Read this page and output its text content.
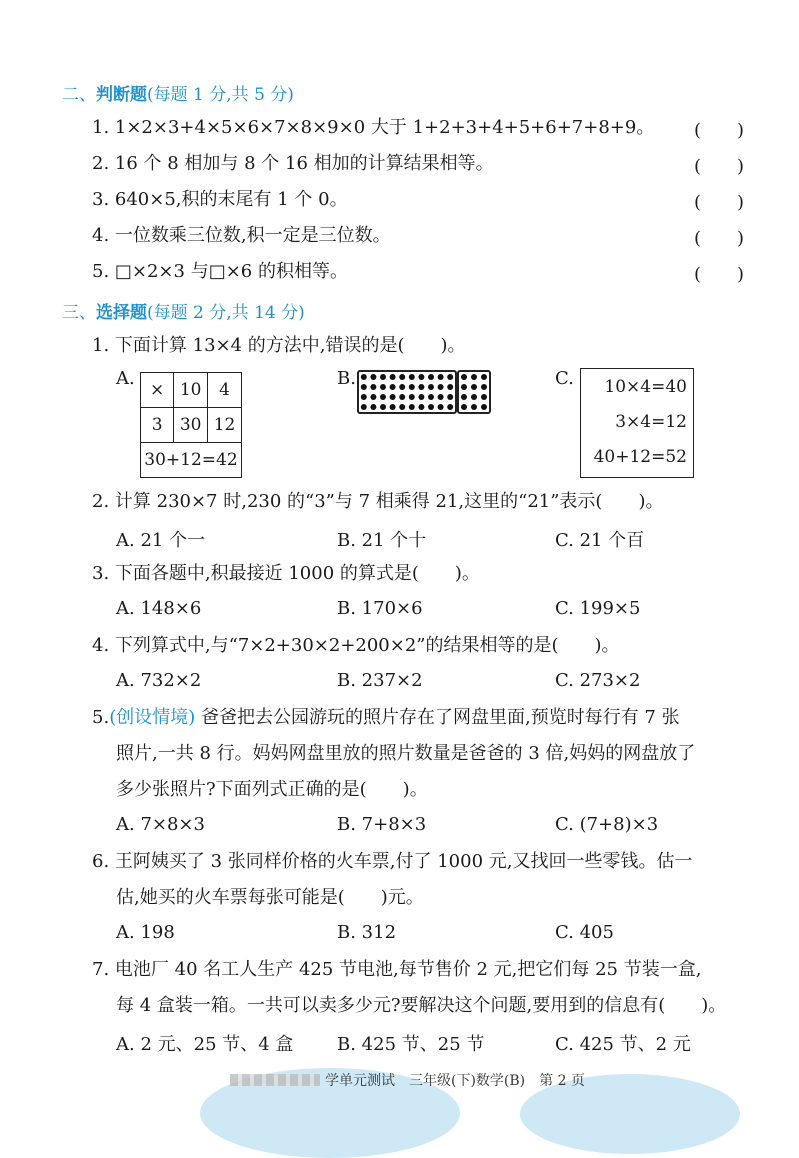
二、判断题(每题 1 分,共 5 分)
1. 1×2×3+4×5×6×7×8×9×0 大于 1+2+3+4+5+6+7+8+9。 (　　)
2. 16 个 8 相加与 8 个 16 相加的计算结果相等。	(　　)
3. 640×5,积的末尾有 1 个 0。	(　　)
4. 一位数乘三位数,积一定是三位数。	(　　)
5. □×2×3 与□×6 的积相等。	(　　)
三、选择题(每题 2 分,共 14 分)
1. 下面计算 13×4 的方法中,错误的是(　　)。
A.
×	10	4
3	30	12
30+12=42		
B.	C. 10×4=40
3×4=12
40+12=52
2. 计算 230×7 时,230 的“3”与 7 相乘得 21,这里的“21”表示(　　)。
A. 21 个一	B. 21 个十	C. 21 个百
3. 下面各题中,积最接近 1000 的算式是(　　)。
A. 148×6	B. 170×6	C. 199×5
4. 下列算式中,与“7×2+30×2+200×2”的结果相等的是(　　)。
A. 732×2	B. 237×2	C. 273×2
5.(创设情境) 爸爸把去公园游玩的照片存在了网盘里面,预览时每行有 7 张
照片,一共 8 行。妈妈网盘里放的照片数量是爸爸的 3 倍,妈妈的网盘放了
多少张照片?下面列式正确的是(　　)。
A. 7×8×3	B. 7+8×3	C. (7+8)×3
6. 王阿姨买了 3 张同样价格的火车票,付了 1000 元,又找回一些零钱。估一
估,她买的火车票每张可能是(　　)元。
A. 198	B. 312	C. 405
7. 电池厂 40 名工人生产 425 节电池,每节售价 2 元,把它们每 25 节装一盒,
每 4 盒装一箱。一共可以卖多少元?要解决这个问题,要用到的信息有(　　)。
A. 2 元、25 节、4 盒 B. 425 节、25 节	C. 425 节、2 元
学单元测试　三年级(下)数学(B)　第 2 页
